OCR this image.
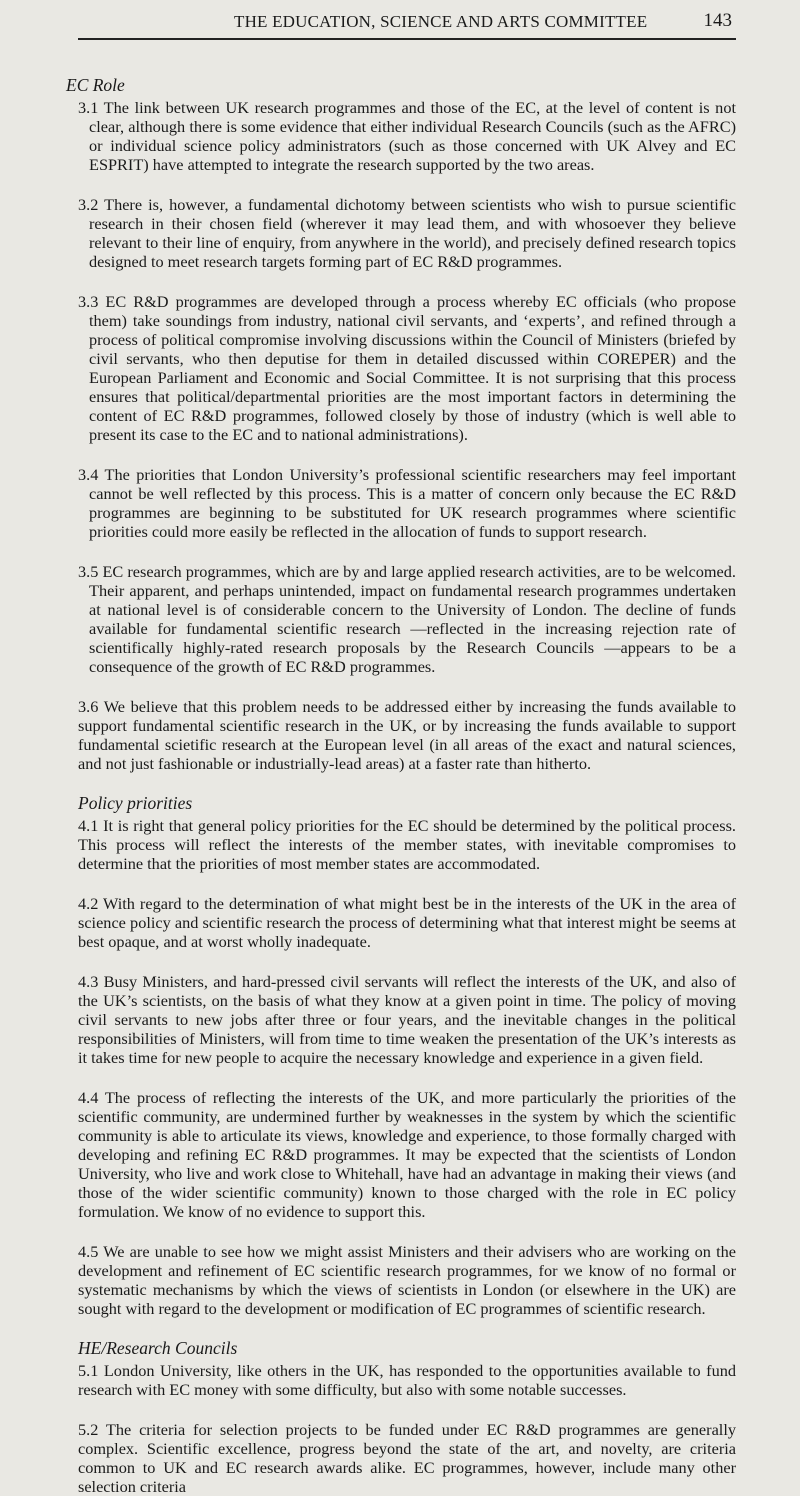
THE EDUCATION, SCIENCE AND ARTS COMMITTEE	143
EC Role

3.1 The link between UK research programmes and those of the EC, at the level of content is not clear, although there is some evidence that either individual Research Councils (such as the AFRC) or individual science policy administrators (such as those concerned with UK Alvey and EC ESPRIT) have attempted to integrate the research supported by the two areas.

3.2 There is, however, a fundamental dichotomy between scientists who wish to pursue scientific research in their chosen field (wherever it may lead them, and with whosoever they believe relevant to their line of enquiry, from anywhere in the world), and precisely defined research topics designed to meet research targets forming part of EC R&D programmes.

3.3 EC R&D programmes are developed through a process whereby EC officials (who propose them) take soundings from industry, national civil servants, and ‘experts’, and refined through a process of political compromise involving discussions within the Council of Ministers (briefed by civil servants, who then deputise for them in detailed discussed within COREPER) and the European Parliament and Economic and Social Committee. It is not surprising that this process ensures that political/departmental priorities are the most important factors in determining the content of EC R&D programmes, followed closely by those of industry (which is well able to present its case to the EC and to national administrations).

3.4 The priorities that London University’s professional scientific researchers may feel important cannot be well reflected by this process. This is a matter of concern only because the EC R&D programmes are beginning to be substituted for UK research programmes where scientific priorities could more easily be reflected in the allocation of funds to support research.

3.5 EC research programmes, which are by and large applied research activities, are to be welcomed. Their apparent, and perhaps unintended, impact on fundamental research programmes undertaken at national level is of considerable concern to the University of London. The decline of funds available for fundamental scientific research —reflected in the increasing rejection rate of scientifically highly-rated research proposals by the Research Councils —appears to be a consequence of the growth of EC R&D programmes.

3.6 We believe that this problem needs to be addressed either by increasing the funds available to support fundamental scientific research in the UK, or by increasing the funds available to support fundamental scietific research at the European level (in all areas of the exact and natural sciences, and not just fashionable or industrially-lead areas) at a faster rate than hitherto.

Policy priorities

4.1 It is right that general policy priorities for the EC should be determined by the political process. This process will reflect the interests of the member states, with inevitable compromises to determine that the priorities of most member states are accommodated.

4.2 With regard to the determination of what might best be in the interests of the UK in the area of science policy and scientific research the process of determining what that interest might be seems at best opaque, and at worst wholly inadequate.

4.3 Busy Ministers, and hard-pressed civil servants will reflect the interests of the UK, and also of the UK’s scientists, on the basis of what they know at a given point in time. The policy of moving civil servants to new jobs after three or four years, and the inevitable changes in the political responsibilities of Ministers, will from time to time weaken the presentation of the UK’s interests as it takes time for new people to acquire the necessary knowledge and experience in a given field.

4.4 The process of reflecting the interests of the UK, and more particularly the priorities of the scientific community, are undermined further by weaknesses in the system by which the scientific community is able to articulate its views, knowledge and experience, to those formally charged with developing and refining EC R&D programmes. It may be expected that the scientists of London University, who live and work close to Whitehall, have had an advantage in making their views (and those of the wider scientific community) known to those charged with the role in EC policy formulation. We know of no evidence to support this.

4.5 We are unable to see how we might assist Ministers and their advisers who are working on the development and refinement of EC scientific research programmes, for we know of no formal or systematic mechanisms by which the views of scientists in London (or elsewhere in the UK) are sought with regard to the development or modification of EC programmes of scientific research.

HE/Research Councils

5.1 London University, like others in the UK, has responded to the opportunities available to fund research with EC money with some difficulty, but also with some notable successes.

5.2 The criteria for selection projects to be funded under EC R&D programmes are generally complex. Scientific excellence, progress beyond the state of the art, and novelty, are criteria common to UK and EC research awards alike. EC programmes, however, include many other selection criteria
